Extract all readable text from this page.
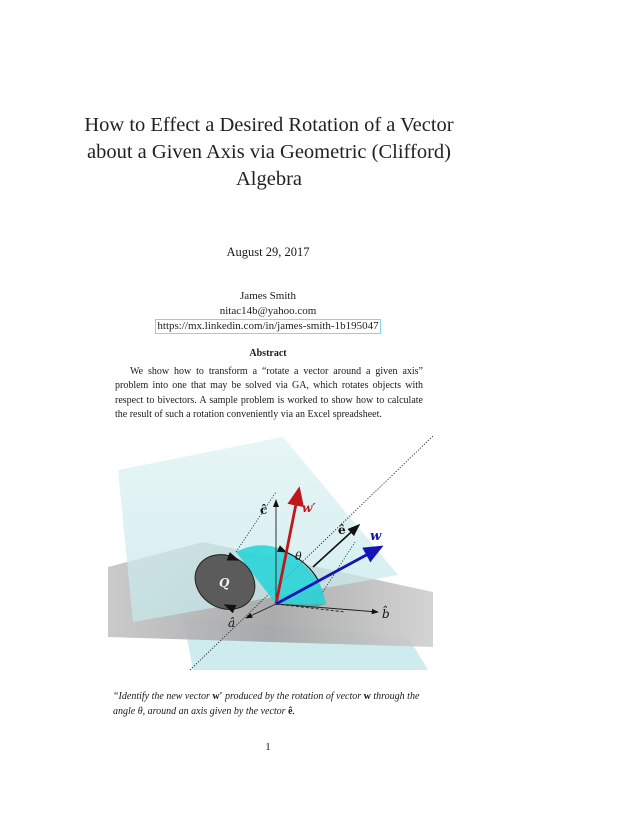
How to Effect a Desired Rotation of a Vector
about a Given Axis via Geometric (Clifford)
Algebra
August 29, 2017
James Smith
nitac14b@yahoo.com
https://mx.linkedin.com/in/james-smith-1b195047
Abstract

We show how to transform a “rotate a vector around a given axis” problem into one that may be solved via GA, which rotates objects with respect to bivectors. A sample problem is worked to show how to calculate the result of such a rotation conveniently via an Excel spreadsheet.

ĉ	w′
ê w
θ
Q
â
b̂
“Identify the new vector w′ produced by the rotation of vector w through the angle θ, around an axis given by the vector ê.
1
